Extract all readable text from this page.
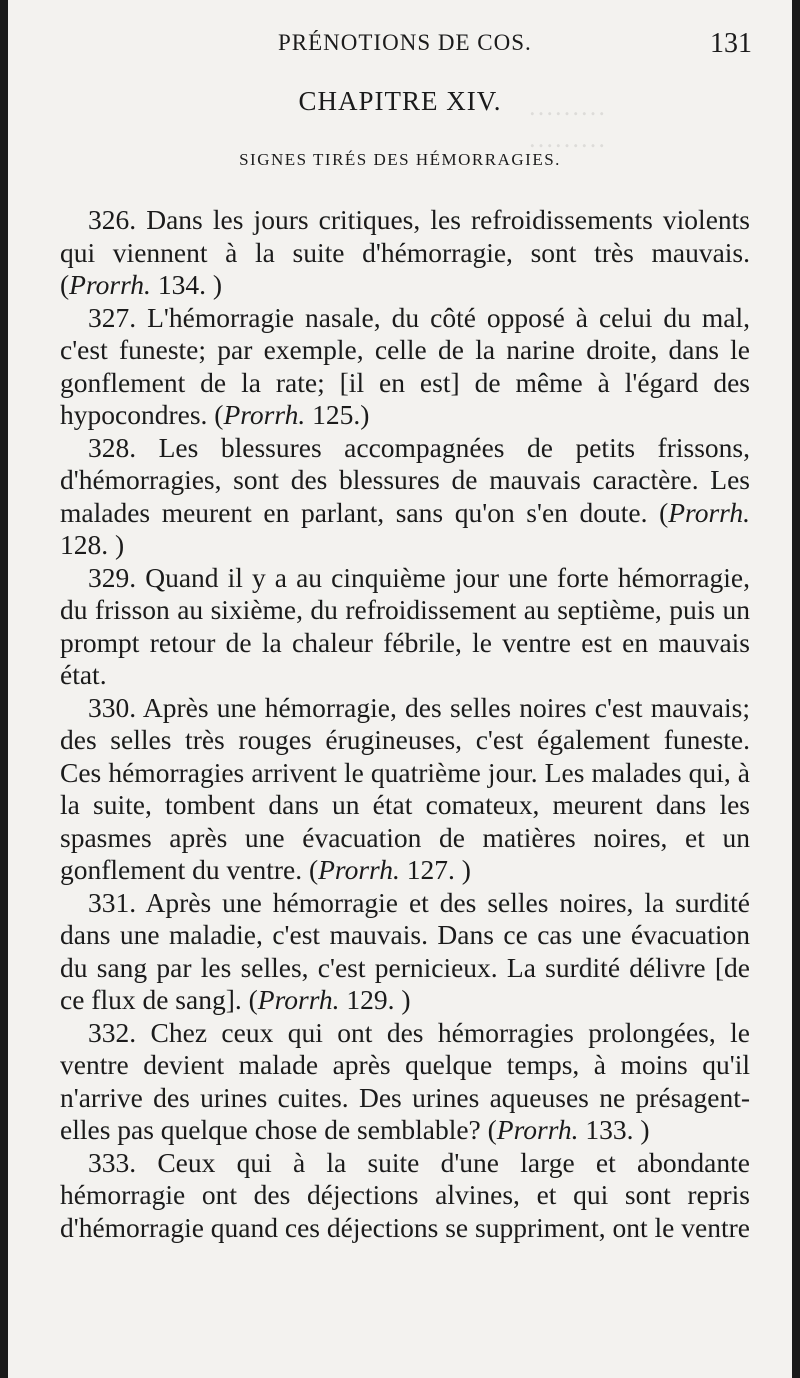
………
………
PRÉNOTIONS DE COS.	131
CHAPITRE XIV.
SIGNES TIRÉS DES HÉMORRAGIES.

326. Dans les jours critiques, les refroidissements violents qui viennent à la suite d'hémorragie, sont très mauvais. (Prorrh. 134. )

327. L'hémorragie nasale, du côté opposé à celui du mal, c'est funeste; par exemple, celle de la narine droite, dans le gonflement de la rate; [il en est] de même à l'égard des hypocondres. (Prorrh. 125.)

328. Les blessures accompagnées de petits frissons, d'hémorragies, sont des blessures de mauvais caractère. Les malades meurent en parlant, sans qu'on s'en doute. (Prorrh. 128. )

329. Quand il y a au cinquième jour une forte hémorragie, du frisson au sixième, du refroidissement au septième, puis un prompt retour de la chaleur fébrile, le ventre est en mauvais état.

330. Après une hémorragie, des selles noires c'est mauvais; des selles très rouges érugineuses, c'est également funeste. Ces hémorragies arrivent le quatrième jour. Les malades qui, à la suite, tombent dans un état comateux, meurent dans les spasmes après une évacuation de matières noires, et un gonflement du ventre. (Prorrh. 127. )

331. Après une hémorragie et des selles noires, la surdité dans une maladie, c'est mauvais. Dans ce cas une évacuation du sang par les selles, c'est pernicieux. La surdité délivre [de ce flux de sang]. (Prorrh. 129. )

332. Chez ceux qui ont des hémorragies prolongées, le ventre devient malade après quelque temps, à moins qu'il n'arrive des urines cuites. Des urines aqueuses ne présagent-elles pas quelque chose de semblable? (Prorrh. 133. )

333. Ceux qui à la suite d'une large et abondante hémorragie ont des déjections alvines, et qui sont repris d'hémorragie quand ces déjections se suppriment, ont le ventre
